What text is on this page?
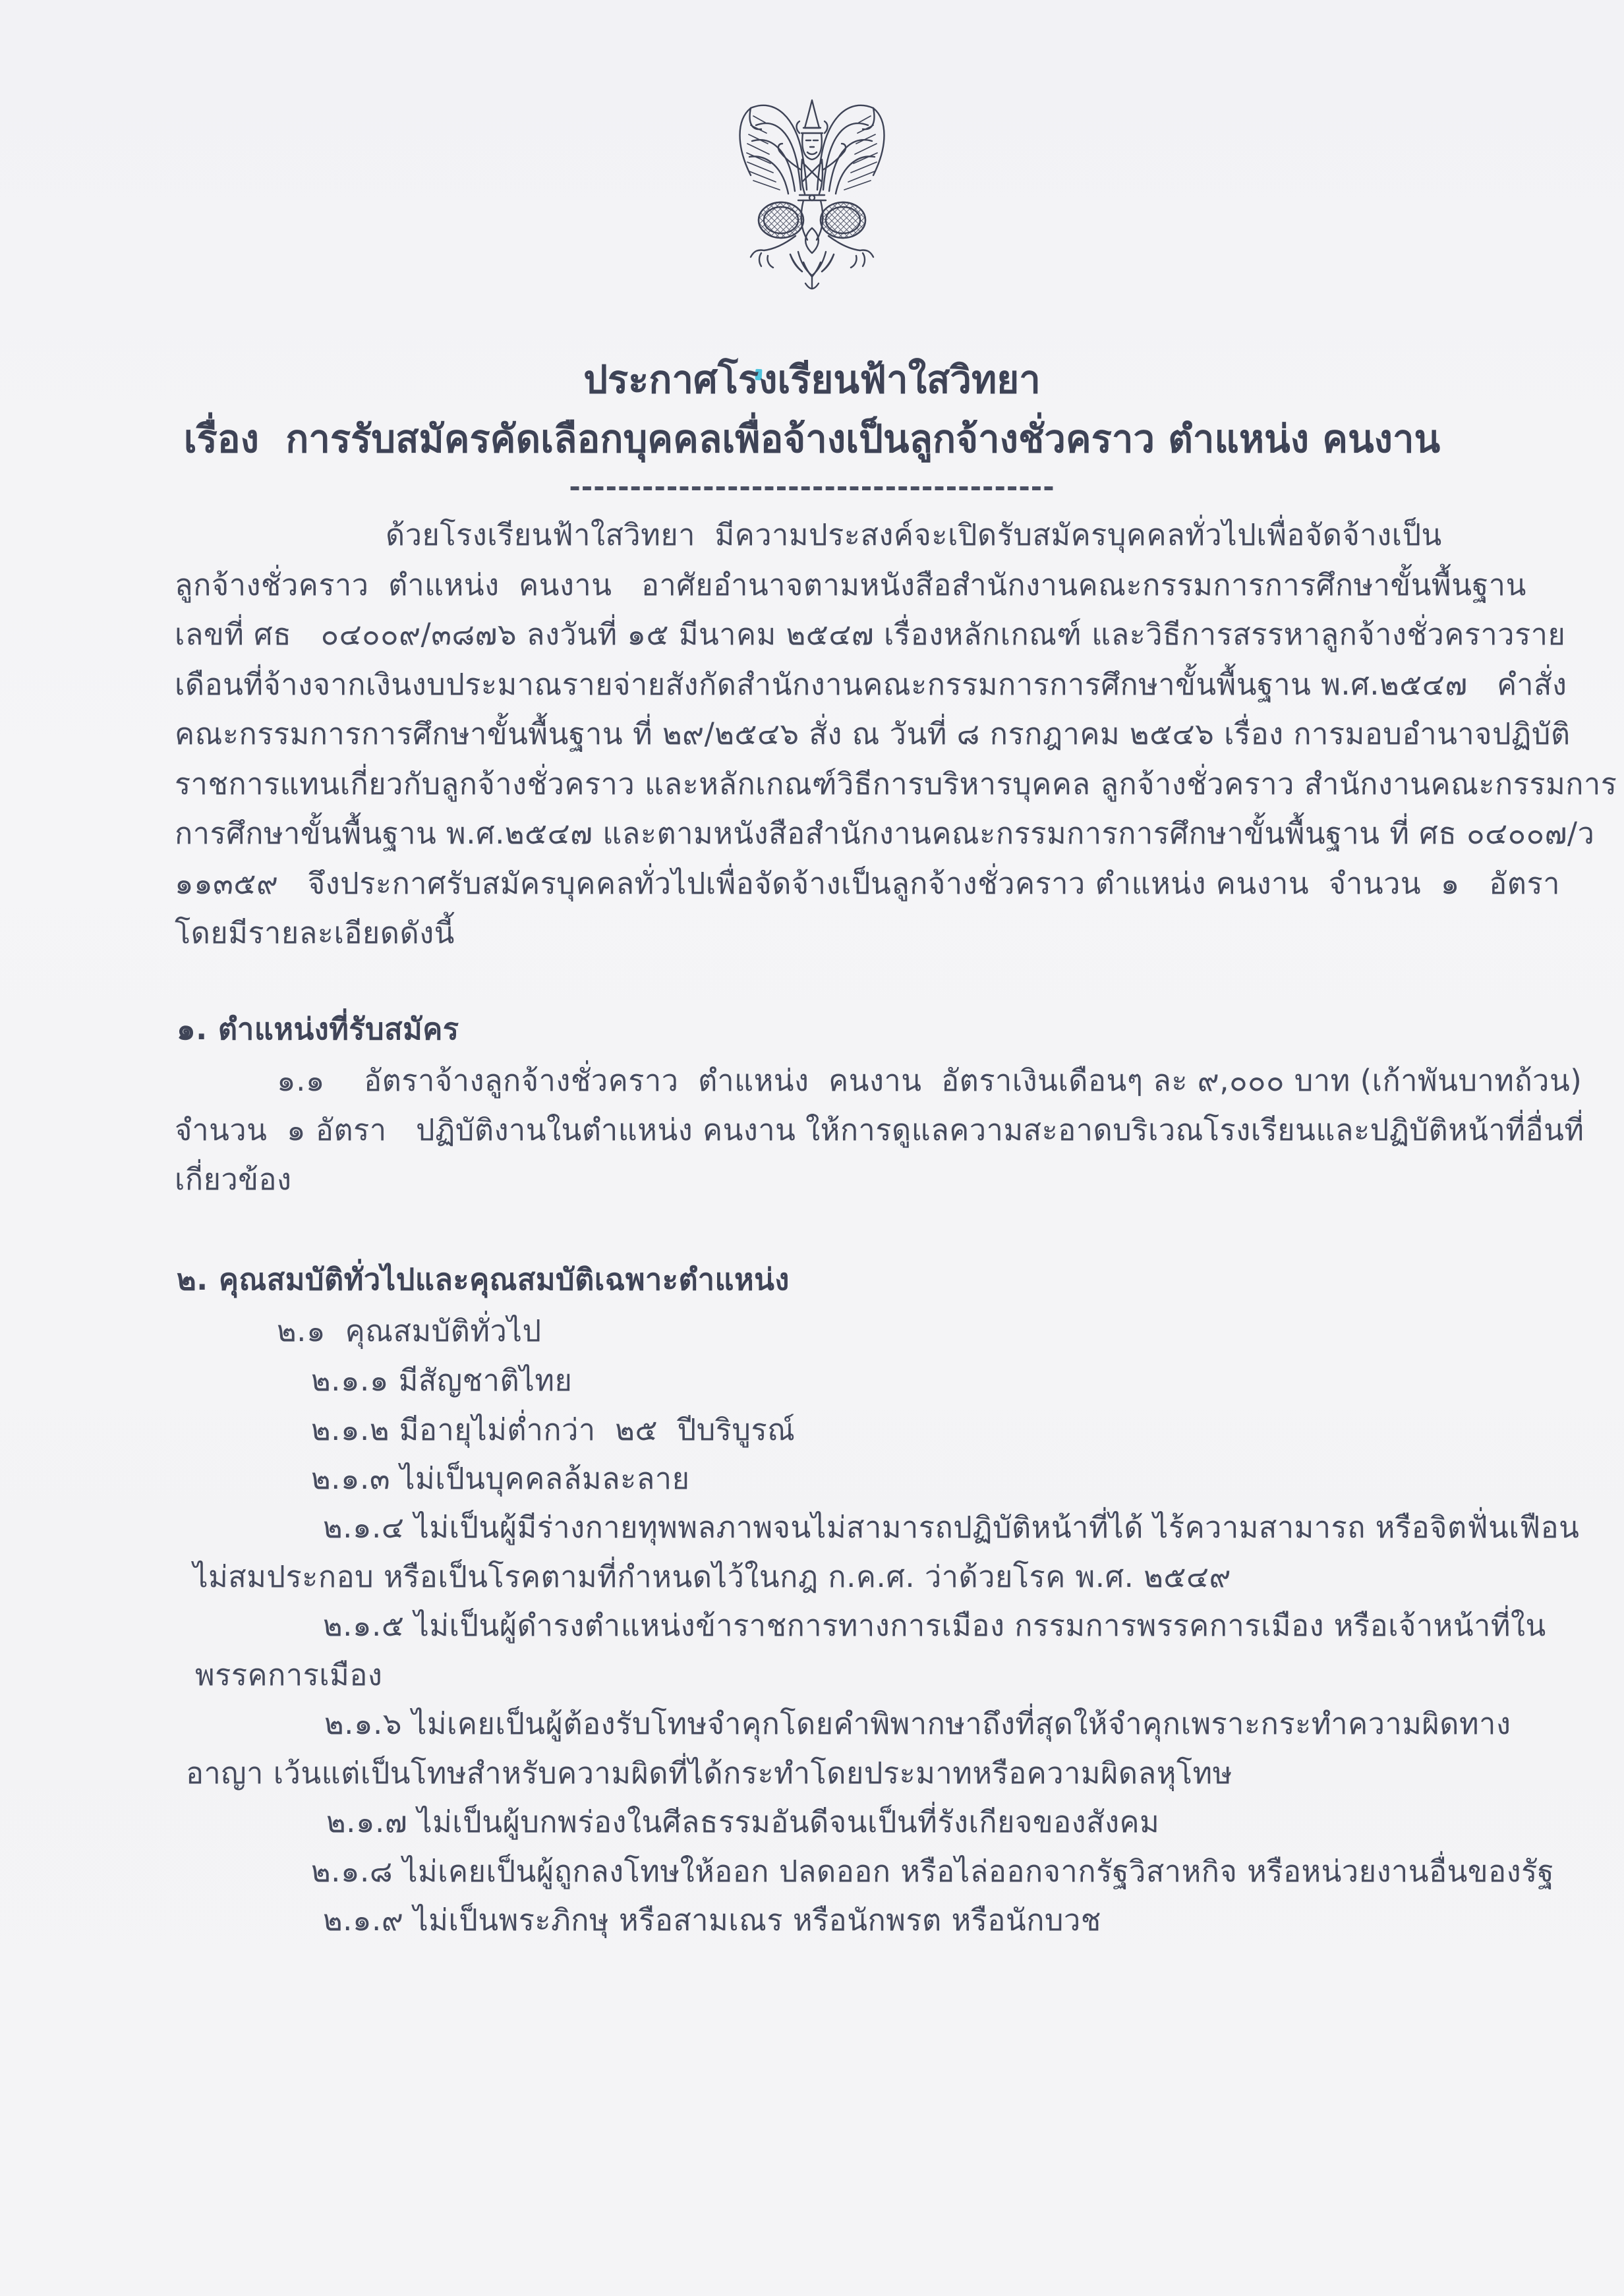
ประกาศโรงเรียนฟ้าใสวิทยา
เรื่อง  การรับสมัครคัดเลือกบุคคลเพื่อจ้างเป็นลูกจ้างชั่วคราว ตำแหน่ง คนงาน
----------------------------------------
ด้วยโรงเรียนฟ้าใสวิทยา  มีความประสงค์จะเปิดรับสมัครบุคคลทั่วไปเพื่อจัดจ้างเป็น
ลูกจ้างชั่วคราว  ตำแหน่ง  คนงาน   อาศัยอำนาจตามหนังสือสำนักงานคณะกรรมการการศึกษาขั้นพื้นฐาน
เลขที่ ศธ   ๐๔๐๐๙/๓๘๗๖ ลงวันที่ ๑๕ มีนาคม ๒๕๔๗ เรื่องหลักเกณฑ์ และวิธีการสรรหาลูกจ้างชั่วคราวราย
เดือนที่จ้างจากเงินงบประมาณรายจ่ายสังกัดสำนักงานคณะกรรมการการศึกษาขั้นพื้นฐาน พ.ศ.๒๕๔๗   คำสั่ง
คณะกรรมการการศึกษาขั้นพื้นฐาน ที่ ๒๙/๒๕๔๖ สั่ง ณ วันที่ ๘ กรกฎาคม ๒๕๔๖ เรื่อง การมอบอำนาจปฏิบัติ
ราชการแทนเกี่ยวกับลูกจ้างชั่วคราว และหลักเกณฑ์วิธีการบริหารบุคคล ลูกจ้างชั่วคราว สำนักงานคณะกรรมการ
การศึกษาขั้นพื้นฐาน พ.ศ.๒๕๔๗ และตามหนังสือสำนักงานคณะกรรมการการศึกษาขั้นพื้นฐาน ที่ ศธ ๐๔๐๐๗/ว
๑๑๓๕๙   จึงประกาศรับสมัครบุคคลทั่วไปเพื่อจัดจ้างเป็นลูกจ้างชั่วคราว ตำแหน่ง คนงาน  จำนวน  ๑   อัตรา
โดยมีรายละเอียดดังนี้
๑. ตำแหน่งที่รับสมัคร
๑.๑    อัตราจ้างลูกจ้างชั่วคราว  ตำแหน่ง  คนงาน  อัตราเงินเดือนๆ ละ ๙,๐๐๐ บาท (เก้าพันบาทถ้วน)
จำนวน  ๑ อัตรา   ปฏิบัติงานในตำแหน่ง คนงาน ให้การดูแลความสะอาดบริเวณโรงเรียนและปฏิบัติหน้าที่อื่นที่
เกี่ยวข้อง
๒. คุณสมบัติทั่วไปและคุณสมบัติเฉพาะตำแหน่ง
๒.๑  คุณสมบัติทั่วไป
๒.๑.๑ มีสัญชาติไทย
๒.๑.๒ มีอายุไม่ต่ำกว่า  ๒๕  ปีบริบูรณ์
๒.๑.๓ ไม่เป็นบุคคลล้มละลาย
๒.๑.๔ ไม่เป็นผู้มีร่างกายทุพพลภาพจนไม่สามารถปฏิบัติหน้าที่ได้ ไร้ความสามารถ หรือจิตฟั่นเฟือน
ไม่สมประกอบ หรือเป็นโรคตามที่กำหนดไว้ในกฎ ก.ค.ศ. ว่าด้วยโรค พ.ศ. ๒๕๔๙
๒.๑.๕ ไม่เป็นผู้ดำรงตำแหน่งข้าราชการทางการเมือง กรรมการพรรคการเมือง หรือเจ้าหน้าที่ใน
พรรคการเมือง
๒.๑.๖ ไม่เคยเป็นผู้ต้องรับโทษจำคุกโดยคำพิพากษาถึงที่สุดให้จำคุกเพราะกระทำความผิดทาง
อาญา เว้นแต่เป็นโทษสำหรับความผิดที่ได้กระทำโดยประมาทหรือความผิดลหุโทษ
๒.๑.๗ ไม่เป็นผู้บกพร่องในศีลธรรมอันดีจนเป็นที่รังเกียจของสังคม
๒.๑.๘ ไม่เคยเป็นผู้ถูกลงโทษให้ออก ปลดออก หรือไล่ออกจากรัฐวิสาหกิจ หรือหน่วยงานอื่นของรัฐ
๒.๑.๙ ไม่เป็นพระภิกษุ หรือสามเณร หรือนักพรต หรือนักบวช
